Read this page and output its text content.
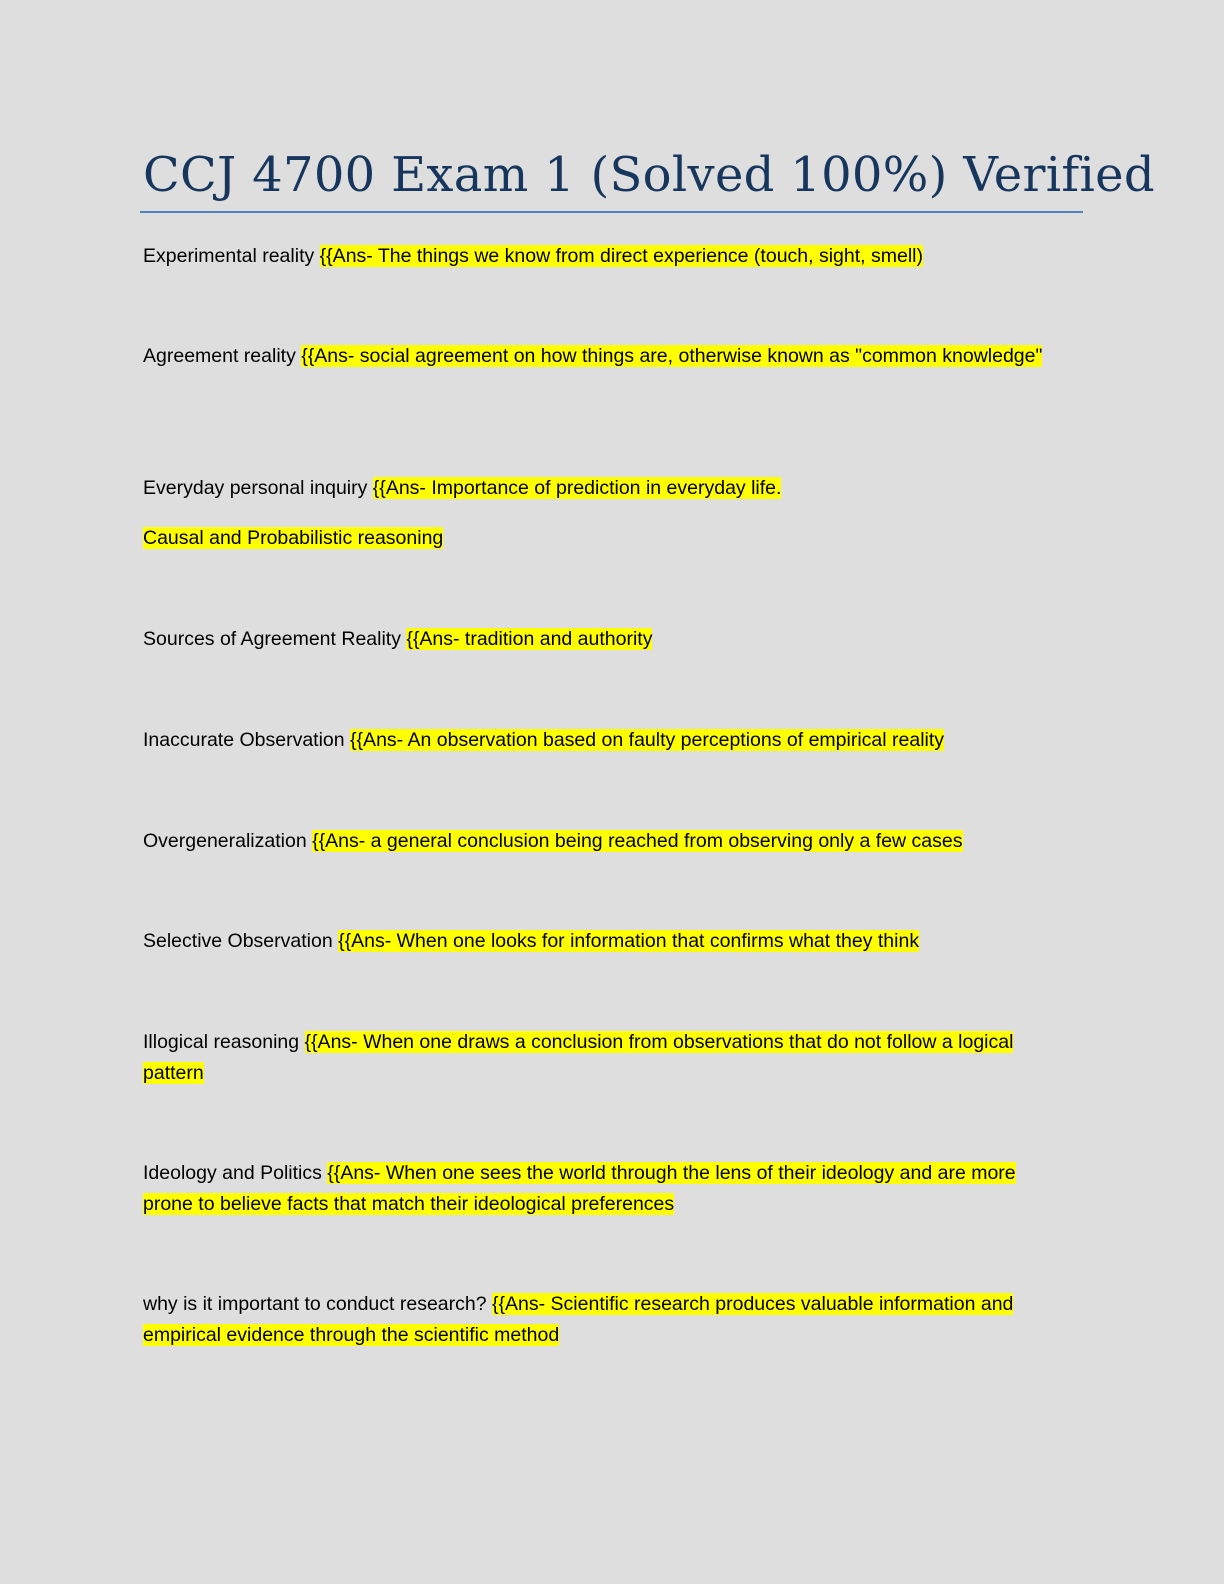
CCJ 4700 Exam 1 (Solved 100%) Verified

Experimental reality {{Ans- The things we know from direct experience (touch, sight, smell)

Agreement reality {{Ans- social agreement on how things are, otherwise known as "common knowledge"

Everyday personal inquiry {{Ans- Importance of prediction in everyday life.

Causal and Probabilistic reasoning

Sources of Agreement Reality {{Ans- tradition and authority

Inaccurate Observation {{Ans- An observation based on faulty perceptions of empirical reality

Overgeneralization {{Ans- a general conclusion being reached from observing only a few cases

Selective Observation {{Ans- When one looks for information that confirms what they think

Illogical reasoning {{Ans- When one draws a conclusion from observations that do not follow a logical pattern

Ideology and Politics {{Ans- When one sees the world through the lens of their ideology and are more prone to believe facts that match their ideological preferences

why is it important to conduct research? {{Ans- Scientific research produces valuable information and empirical evidence through the scientific method
